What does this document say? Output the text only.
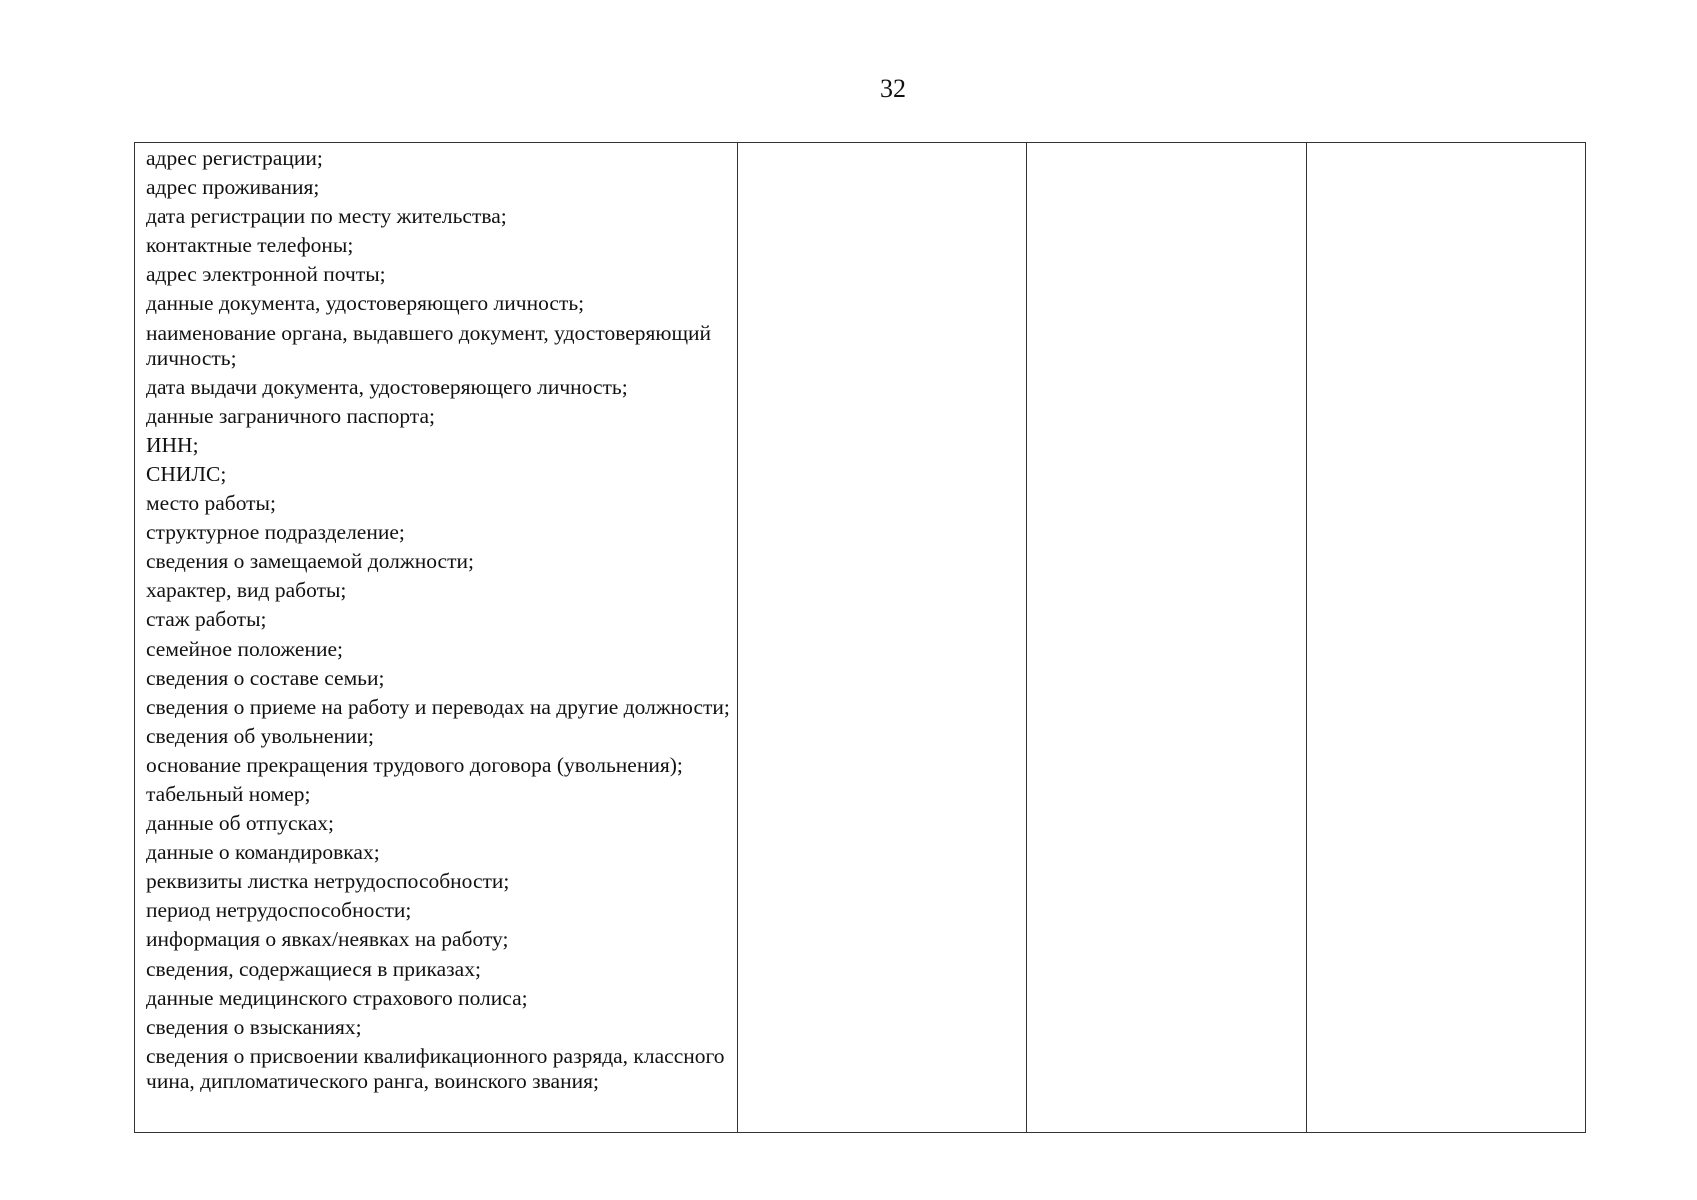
32
адрес регистрации;
адрес проживания;
дата регистрации по месту жительства;
контактные телефоны;
адрес электронной почты;
данные документа, удостоверяющего личность;
наименование органа, выдавшего документ, удостоверяющий личность;
дата выдачи документа, удостоверяющего личность;
данные заграничного паспорта;
ИНН;
СНИЛС;
место работы;
структурное подразделение;
сведения о замещаемой должности;
характер, вид работы;
стаж работы;
семейное положение;
сведения о составе семьи;
сведения о приеме на работу и переводах на другие должности;
сведения об увольнении;
основание прекращения трудового договора (увольнения);
табельный номер;
данные об отпусках;
данные о командировках;
реквизиты листка нетрудоспособности;
период нетрудоспособности;
информация о явках/неявках на работу;
сведения, содержащиеся в приказах;
данные медицинского страхового полиса;
сведения о взысканиях;
сведения о присвоении квалификационного разряда, классного чина, дипломатического ранга, воинского звания;
